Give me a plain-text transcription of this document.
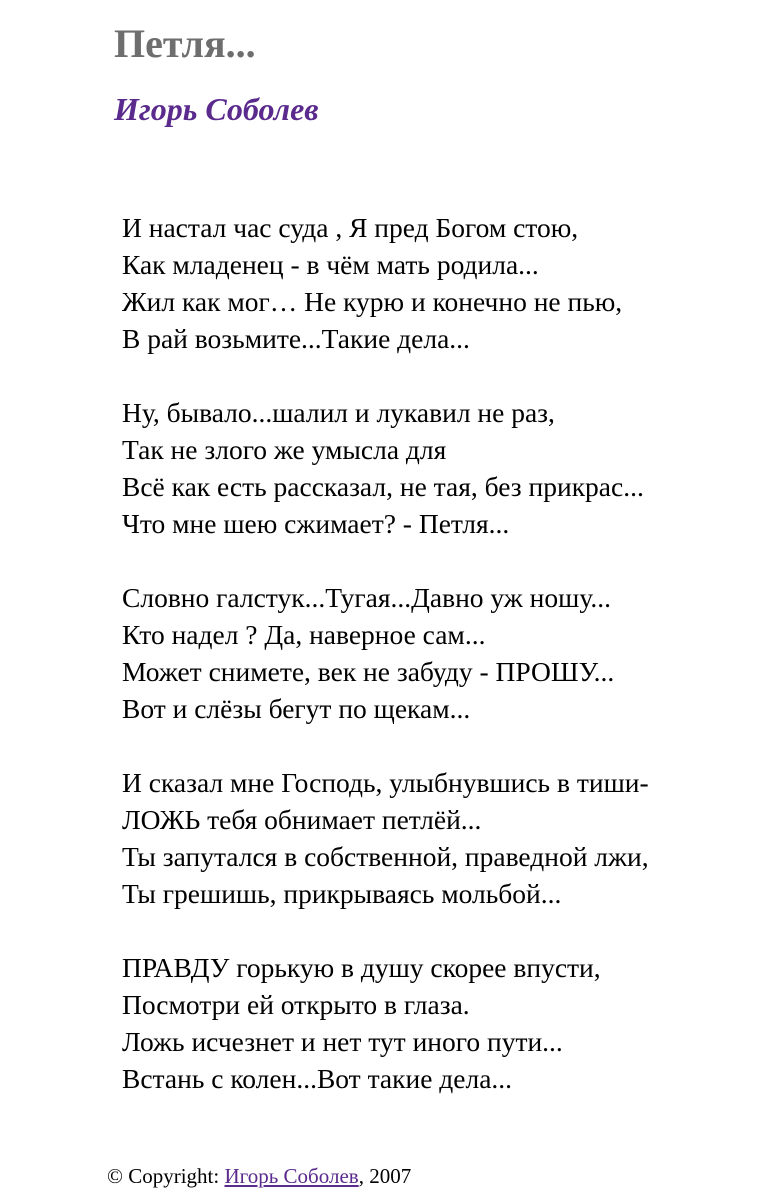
Петля...
Игорь Соболев
И настал час суда , Я пред Богом стою,
Как младенец - в чём мать родила...
Жил как мог… Не курю и конечно не пью,
В рай возьмите...Такие дела...
Ну, бывало...шалил и лукавил не раз,
Так не злого же умысла для
Всё как есть рассказал, не тая, без прикрас...
Что мне шею сжимает? - Петля...
Словно галстук...Тугая...Давно уж ношу...
Кто надел ? Да, наверное сам...
Может снимете, век не забуду - ПРОШУ...
Вот и слёзы бегут по щекам...
И сказал мне Господь, улыбнувшись в тиши-
ЛОЖЬ тебя обнимает петлёй...
Ты запутался в собственной, праведной лжи,
Ты грешишь, прикрываясь мольбой...
ПРАВДУ горькую в душу скорее впусти,
Посмотри ей открыто в глаза.
Ложь исчезнет и нет тут иного пути...
Встань с колен...Вот такие дела...
© Copyright: Игорь Соболев, 2007
